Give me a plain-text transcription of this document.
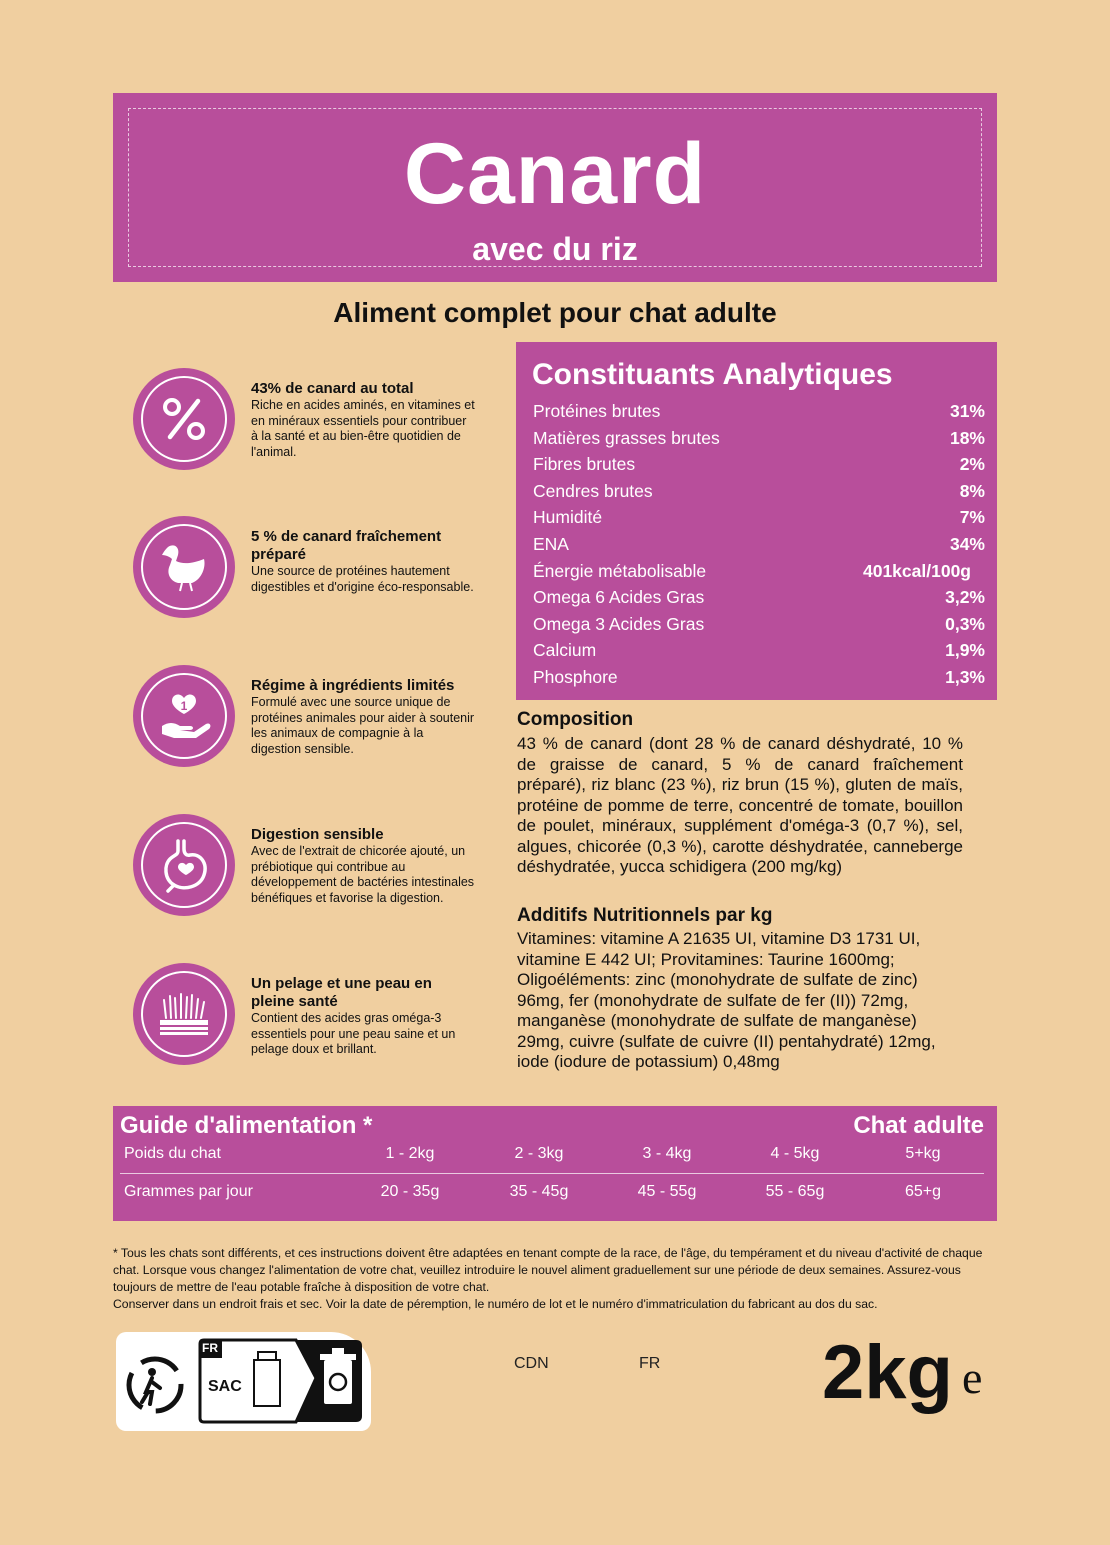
Canard
avec du riz
Aliment complet pour chat adulte
43% de canard au total
Riche en acides aminés, en vitamines et en minéraux essentiels pour contribuer à la santé et au bien-être quotidien de l'animal.
5 % de canard fraîchement préparé
Une source de protéines hautement digestibles et d'origine éco-responsable.
1
Régime à ingrédients limités
Formulé avec une source unique de protéines animales pour aider à soutenir les animaux de compagnie à la digestion sensible.
Digestion sensible
Avec de l'extrait de chicorée ajouté, un prébiotique qui contribue au développement de bactéries intestinales bénéfiques et favorise la digestion.
Un pelage et une peau en pleine santé
Contient des acides gras oméga-3 essentiels pour une peau saine et un pelage doux et brillant.
Constituants Analytiques
Protéines brutes	31%
Matières grasses brutes	18%
Fibres brutes	2%
Cendres brutes	8%
Humidité	7%
ENA	34%
Énergie métabolisable	401kcal/100g
Omega 6 Acides Gras	3,2%
Omega 3 Acides Gras	0,3%
Calcium	1,9%
Phosphore	1,3%
Composition
43 % de canard (dont 28 % de canard déshydraté, 10 % de graisse de canard, 5 % de canard fraîchement préparé), riz blanc (23 %), riz brun (15 %), gluten de maïs, protéine de pomme de terre, concentré de tomate, bouillon de poulet, minéraux, supplément d'oméga-3 (0,7 %), sel, algues, chicorée (0,3 %), carotte déshydratée, canneberge déshydratée, yucca schidigera (200 mg/kg)
Additifs Nutritionnels par kg
Vitamines: vitamine A 21635 UI, vitamine D3 1731 UI, vitamine E 442 UI; Provitamines: Taurine 1600mg; Oligoéléments: zinc (monohydrate de sulfate de zinc) 96mg, fer (monohydrate de sulfate de fer (II)) 72mg, manganèse (monohydrate de sulfate de manganèse) 29mg, cuivre (sulfate de cuivre (II) pentahydraté) 12mg, iode (iodure de potassium) 0,48mg
Guide d'alimentation *	Chat adulte
Poids du chat	1 - 2kg	2 - 3kg	3 - 4kg	4 - 5kg	5+kg
Grammes par jour	20 - 35g	35 - 45g	45 - 55g	55 - 65g	65+g
* Tous les chats sont différents, et ces instructions doivent être adaptées en tenant compte de la race, de l'âge, du tempérament et du niveau d'activité de chaque chat. Lorsque vous changez l'alimentation de votre chat, veuillez introduire le nouvel aliment graduellement sur une période de deux semaines. Assurez-vous toujours de mettre de l'eau potable fraîche à disposition de votre chat.
Conserver dans un endroit frais et sec. Voir la date de péremption, le numéro de lot et le numéro d'immatriculation du fabricant au dos du sac.
FR
SAC
CDN	FR 2kg e
